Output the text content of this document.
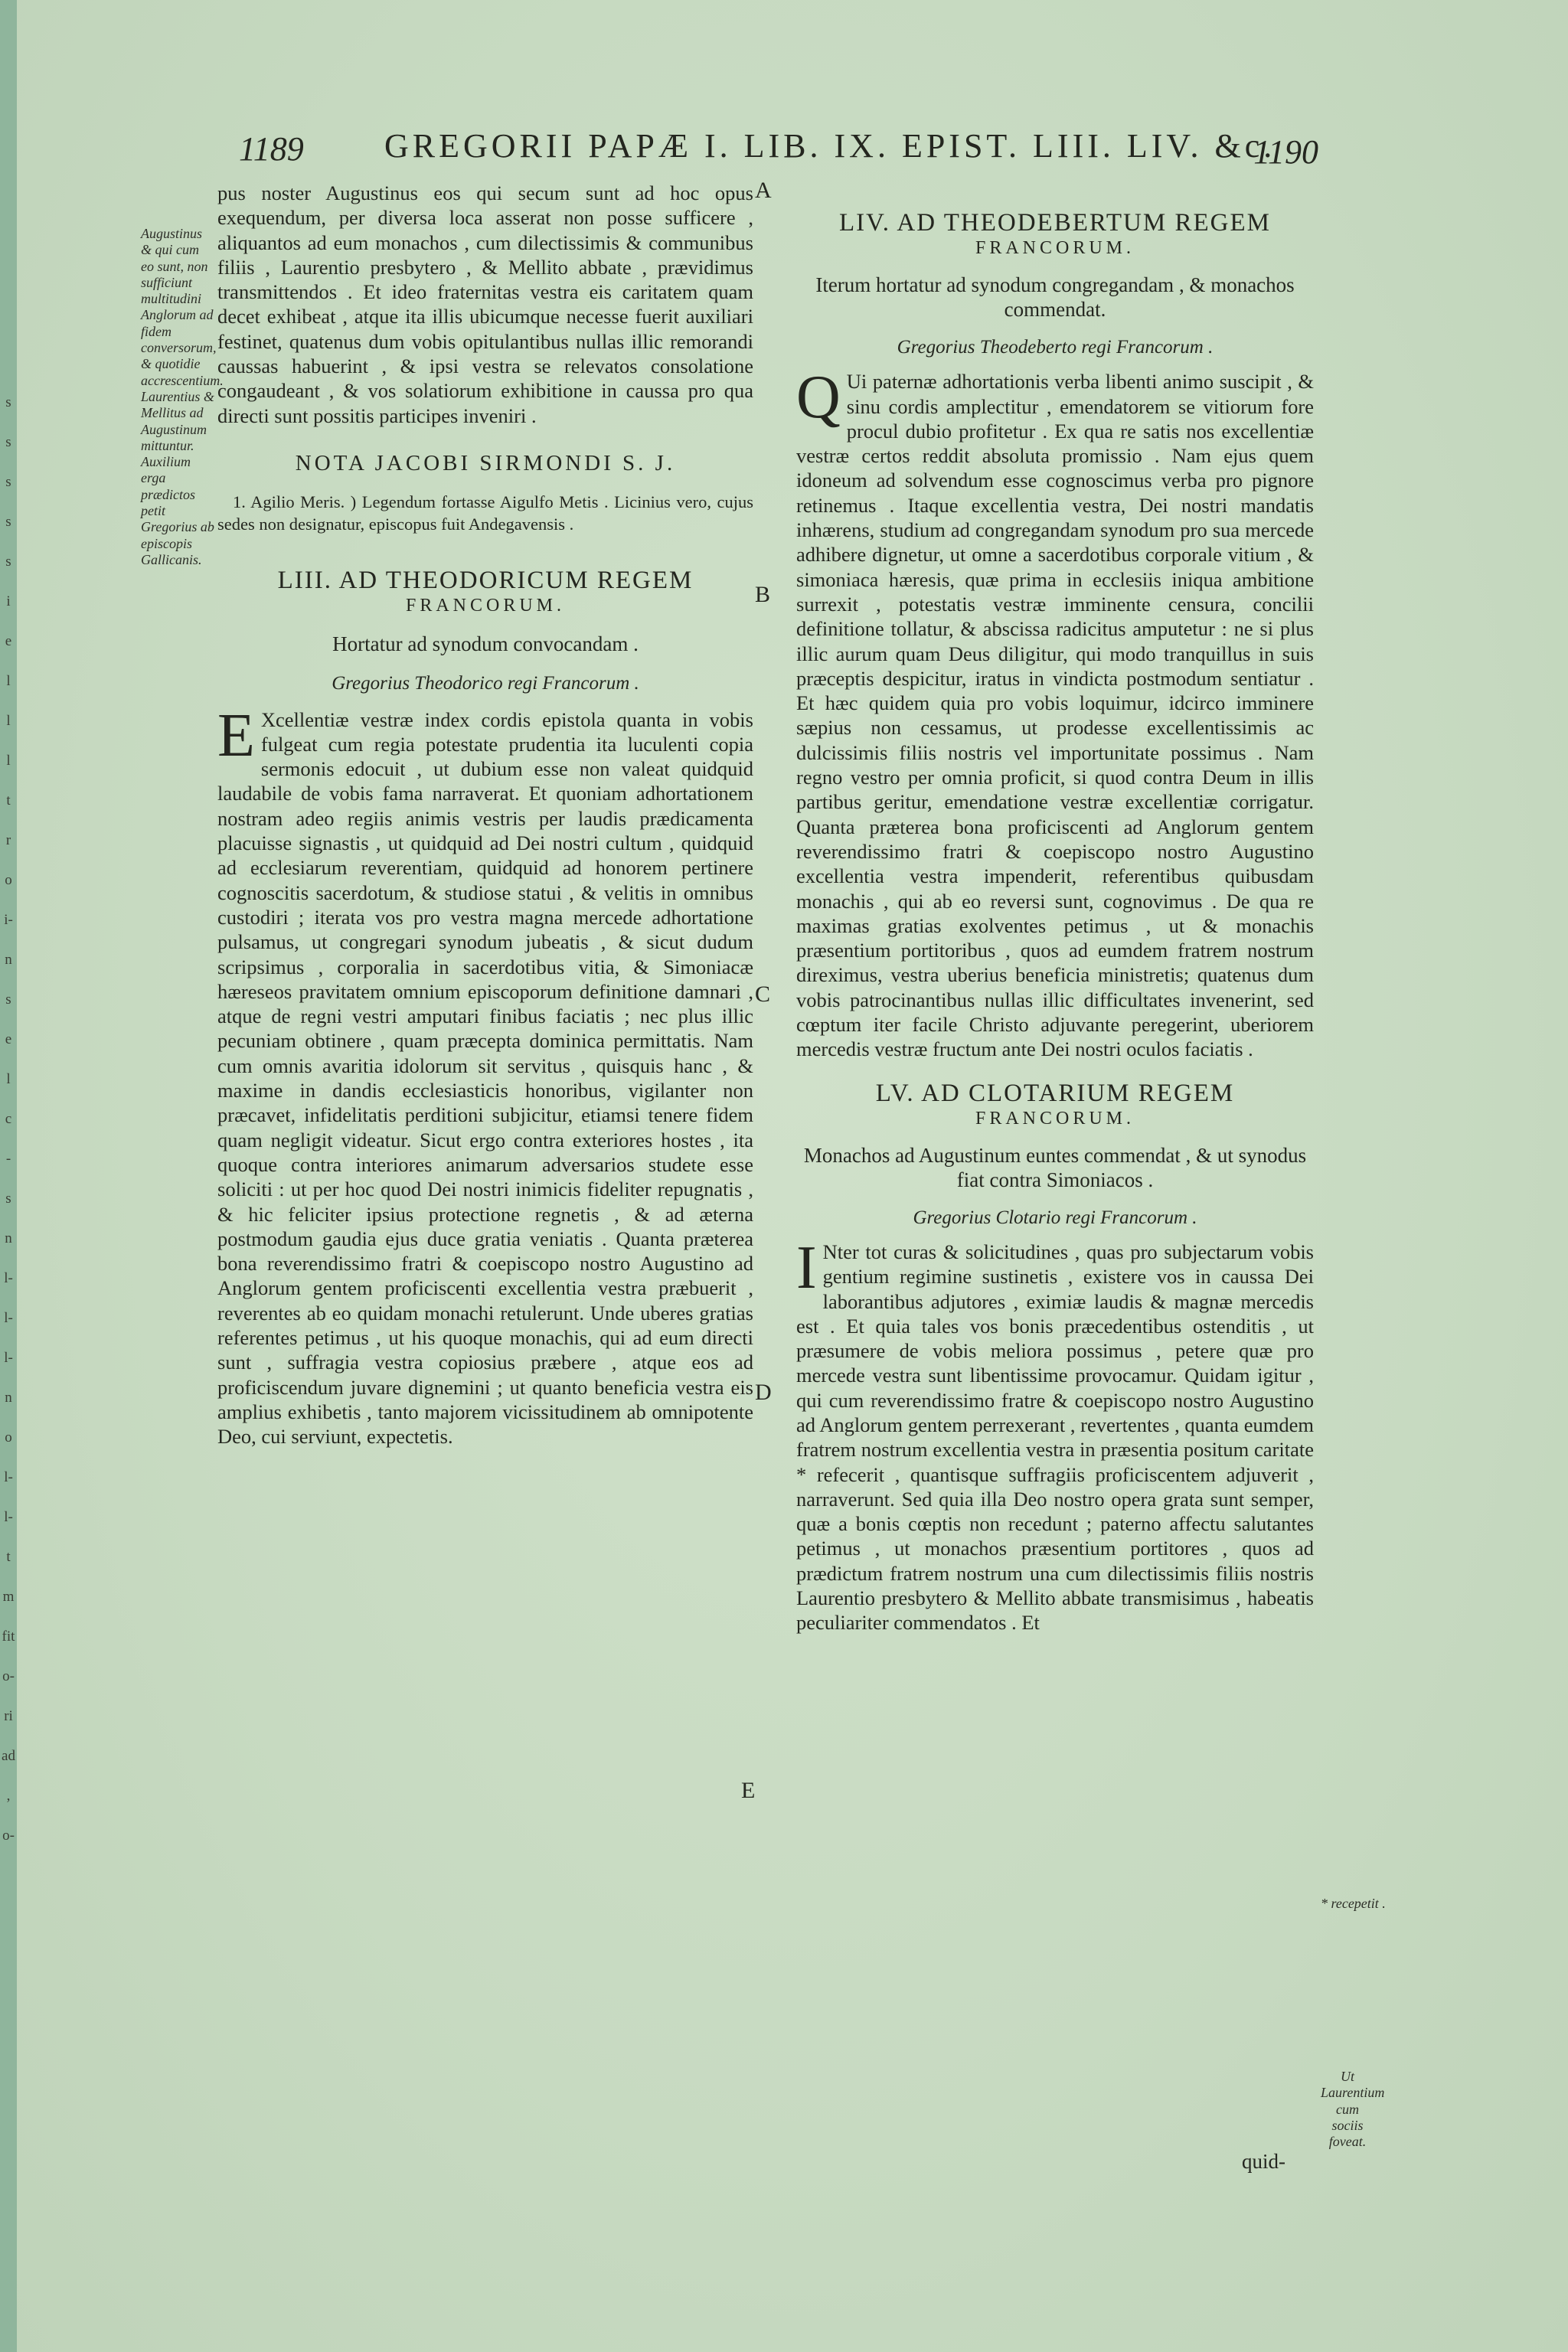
s
s
s
s
s
i
e
l
l
l
t
r
o
i-
n
s
e
l
c
-
s
n
l-
l-
l-
n
o
l-
l-
t
m
fit
o-
ri
ad
,
o-
1189 GREGORII PAPÆ I. LIB. IX. EPIST. LIII. LIV. &c.
1190
Augustinus & qui cum eo sunt, non sufficiunt multitudini Anglorum ad fidem conversorum, & quotidie accrescentium. Laurentius & Mellitus ad Augustinum mittuntur. Auxilium erga prædictos petit Gregorius ab episcopis Gallicanis.
A
B
C
D
E

pus noster Augustinus eos qui secum sunt ad hoc opus exequendum, per diversa loca asserat non posse sufficere , aliquantos ad eum monachos , cum dilectissimis & communibus filiis , Laurentio presbytero , & Mellito abbate , prævidimus transmittendos . Et ideo fraternitas vestra eis caritatem quam decet exhibeat , atque ita illis ubicumque necesse fuerit auxiliari festinet, quatenus dum vobis opitulantibus nullas illic remorandi caussas habuerint , & ipsi vestra se relevatos consolatione congaudeant , & vos solatiorum exhibitione in caussa pro qua directi sunt possitis participes inveniri .

NOTA JACOBI SIRMONDI S. J.

1. Agilio Meris. ) Legendum fortasse Aigulfo Metis . Licinius vero, cujus sedes non designatur, episcopus fuit Andegavensis .

LIII. AD THEODORICUM REGEM

FRANCORUM.

Hortatur ad synodum convocandam .

Gregorius Theodorico regi Francorum .

E Xcellentiæ vestræ index cordis epistola quanta in vobis fulgeat cum regia potestate prudentia ita luculenti copia sermonis edocuit , ut dubium esse non valeat quidquid laudabile de vobis fama narraverat. Et quoniam adhortationem nostram adeo regiis animis vestris per laudis prædicamenta placuisse signastis , ut quidquid ad Dei nostri cultum , quidquid ad ecclesiarum reverentiam, quidquid ad honorem pertinere cognoscitis sacerdotum, & studiose statui , & velitis in omnibus custodiri ; iterata vos pro vestra magna mercede adhortatione pulsamus, ut congregari synodum jubeatis , & sicut dudum scripsimus , corporalia in sacerdotibus vitia, & Simoniacæ hæreseos pravitatem omnium episcoporum definitione damnari , atque de regni vestri amputari finibus faciatis ; nec plus illic pecuniam obtinere , quam præcepta dominica permittatis. Nam cum omnis avaritia idolorum sit servitus , quisquis hanc , & maxime in dandis ecclesiasticis honoribus, vigilanter non præcavet, infidelitatis perditioni subjicitur, etiamsi tenere fidem quam negligit videatur. Sicut ergo contra exteriores hostes , ita quoque contra interiores animarum adversarios studete esse soliciti : ut per hoc quod Dei nostri inimicis fideliter repugnatis , & hic feliciter ipsius protectione regnetis , & ad æterna postmodum gaudia ejus duce gratia veniatis . Quanta præterea bona reverendissimo fratri & coepiscopo nostro Augustino ad Anglorum gentem proficiscenti excellentia vestra præbuerit , reverentes ab eo quidam monachi retulerunt. Unde uberes gratias referentes petimus , ut his quoque monachis, qui ad eum directi sunt , suffragia vestra copiosius præbere , atque eos ad proficiscendum juvare dignemini ; ut quanto beneficia vestra eis amplius exhibetis , tanto majorem vicissitudinem ab omnipotente Deo, cui serviunt, expectetis.

LIV. AD THEODEBERTUM REGEM

FRANCORUM.

Iterum hortatur ad synodum congregandam , & monachos commendat.

Gregorius Theodeberto regi Francorum .

Q Ui paternæ adhortationis verba libenti animo suscipit , & sinu cordis amplectitur , emendatorem se vitiorum fore procul dubio profitetur . Ex qua re satis nos excellentiæ vestræ certos reddit absoluta promissio . Nam ejus quem idoneum ad solvendum esse cognoscimus verba pro pignore retinemus . Itaque excellentia vestra, Dei nostri mandatis inhærens, studium ad congregandam synodum pro sua mercede adhibere dignetur, ut omne a sacerdotibus corporale vitium , & simoniaca hæresis, quæ prima in ecclesiis iniqua ambitione surrexit , potestatis vestræ imminente censura, concilii definitione tollatur, & abscissa radicitus amputetur : ne si plus illic aurum quam Deus diligitur, qui modo tranquillus in suis præceptis despicitur, iratus in vindicta postmodum sentiatur . Et hæc quidem quia pro vobis loquimur, idcirco imminere sæpius non cessamus, ut prodesse excellentissimis ac dulcissimis filiis nostris vel importunitate possimus . Nam regno vestro per omnia proficit, si quod contra Deum in illis partibus geritur, emendatione vestræ excellentiæ corrigatur. Quanta præterea bona proficiscenti ad Anglorum gentem reverendissimo fratri & coepiscopo nostro Augustino excellentia vestra impenderit, referentibus quibusdam monachis , qui ab eo reversi sunt, cognovimus . De qua re maximas gratias exolventes petimus , ut & monachis præsentium portitoribus , quos ad eumdem fratrem nostrum direximus, vestra uberius beneficia ministretis; quatenus dum vobis patrocinantibus nullas illic difficultates invenerint, sed cœptum iter facile Christo adjuvante peregerint, uberiorem mercedis vestræ fructum ante Dei nostri oculos faciatis .

LV. AD CLOTARIUM REGEM

FRANCORUM.

Monachos ad Augustinum euntes commendat , & ut synodus fiat contra Simoniacos .

Gregorius Clotario regi Francorum .

I Nter tot curas & solicitudines , quas pro subjectarum vobis gentium regimine sustinetis , existere vos in caussa Dei laborantibus adjutores , eximiæ laudis & magnæ mercedis est . Et quia tales vos bonis præcedentibus ostenditis , ut præsumere de vobis meliora possimus , petere quæ pro mercede vestra sunt libentissime provocamur. Quidam igitur , qui cum reverendissimo fratre & coepiscopo nostro Augustino ad Anglorum gentem perrexerant , revertentes , quanta eumdem fratrem nostrum excellentia vestra in præsentia positum caritate * refecerit , quantisque suffragiis proficiscentem adjuverit , narraverunt. Sed quia illa Deo nostro opera grata sunt semper, quæ a bonis cœptis non recedunt ; paterno affectu salutantes petimus , ut monachos præsentium portitores , quos ad prædictum fratrem nostrum una cum dilectissimis filiis nostris Laurentio presbytero & Mellito abbate transmisimus , habeatis peculiariter commendatos . Et
* recepetit .
Ut Laurentium cum sociis foveat.
quid-
